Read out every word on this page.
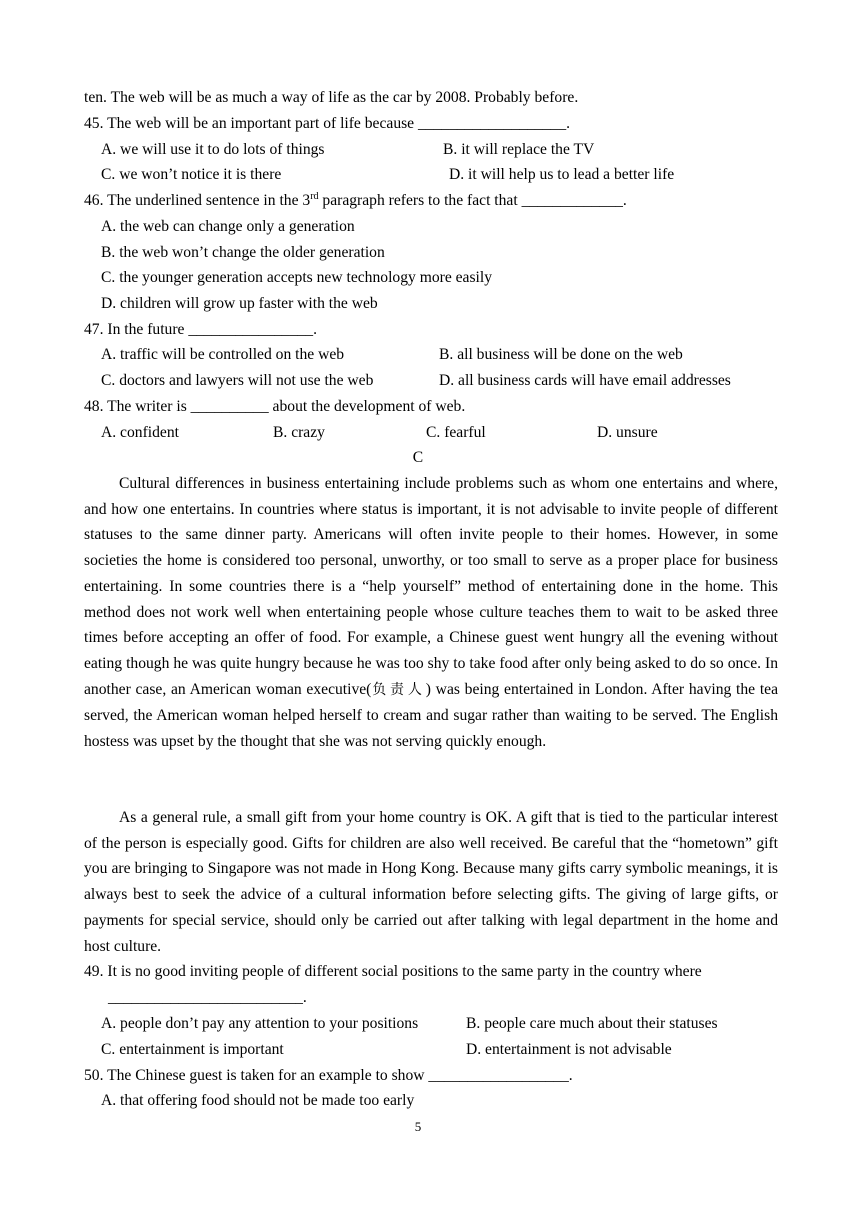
ten. The web will be as much a way of life as the car by 2008. Probably before.
45. The web will be an important part of life because ___________________.
A. we will use it to do lots of things	B. it will replace the TV
C. we won’t notice it is there	D. it will help us to lead a better life
46. The underlined sentence in the 3rd paragraph refers to the fact that _____________.
A. the web can change only a generation
B. the web won’t change the older generation
C. the younger generation accepts new technology more easily
D. children will grow up faster with the web
47. In the future ________________.
A. traffic will be controlled on the web	B. all business will be done on the web
C. doctors and lawyers will not use the web	D. all business cards will have email addresses
48. The writer is __________ about the development of web.
A. confident	B. crazy	C. fearful	D. unsure
C

Cultural differences in business entertaining include problems such as whom one entertains and where, and how one entertains. In countries where status is important, it is not advisable to invite people of different statuses to the same dinner party. Americans will often invite people to their homes. However, in some societies the home is considered too personal, unworthy, or too small to serve as a proper place for business entertaining. In some countries there is a “help yourself” method of entertaining done in the home. This method does not work well when entertaining people whose culture teaches them to wait to be asked three times before accepting an offer of food. For example, a Chinese guest went hungry all the evening without eating though he was quite hungry because he was too shy to take food after only being asked to do so once. In another case, an American woman executive(负责人) was being entertained in London. After having the tea served, the American woman helped herself to cream and sugar rather than waiting to be served. The English hostess was upset by the thought that she was not serving quickly enough.

As a general rule, a small gift from your home country is OK. A gift that is tied to the particular interest of the person is especially good. Gifts for children are also well received. Be careful that the “hometown” gift you are bringing to Singapore was not made in Hong Kong. Because many gifts carry symbolic meanings, it is always best to seek the advice of a cultural information before selecting gifts. The giving of large gifts, or payments for special service, should only be carried out after talking with legal department in the home and host culture.

49. It is no good inviting people of different social positions to the same party in the country where
_________________________.
A. people don’t pay any attention to your positions	B. people care much about their statuses
C. entertainment is important	D. entertainment is not advisable
50. The Chinese guest is taken for an example to show __________________.
A. that offering food should not be made too early
5
